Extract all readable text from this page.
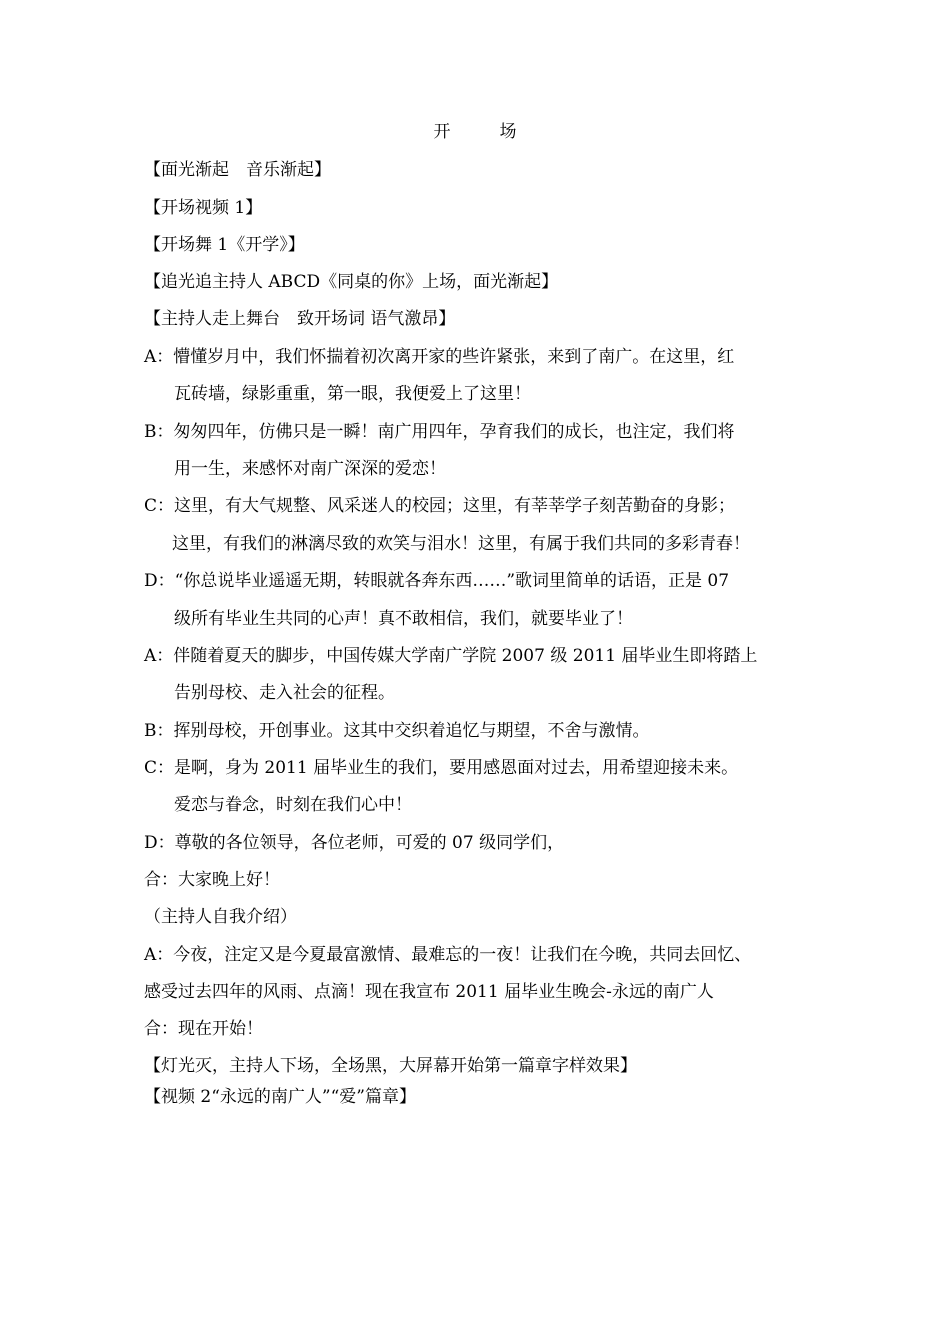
开　场
【面光渐起　音乐渐起】
【开场视频 1】
【开场舞 1《开学》】
【追光追主持人 ABCD《同桌的你》上场，面光渐起】
【主持人走上舞台　致开场词 语气激昂】
A：懵懂岁月中，我们怀揣着初次离开家的些许紧张，来到了南广。在这里，红
瓦砖墙，绿影重重，第一眼，我便爱上了这里！
B：匆匆四年，仿佛只是一瞬！南广用四年，孕育我们的成长，也注定，我们将
用一生，来感怀对南广深深的爱恋！
C：这里，有大气规整、风采迷人的校园；这里，有莘莘学子刻苦勤奋的身影；
这里，有我们的淋漓尽致的欢笑与泪水！这里，有属于我们共同的多彩青春！
D：“你总说毕业遥遥无期，转眼就各奔东西……”歌词里简单的话语，正是 07
级所有毕业生共同的心声！真不敢相信，我们，就要毕业了！
A：伴随着夏天的脚步，中国传媒大学南广学院 2007 级 2011 届毕业生即将踏上
告别母校、走入社会的征程。
B：挥别母校，开创事业。这其中交织着追忆与期望，不舍与激情。
C：是啊，身为 2011 届毕业生的我们，要用感恩面对过去，用希望迎接未来。
爱恋与眷念，时刻在我们心中！
D：尊敬的各位领导，各位老师，可爱的 07 级同学们，
合：大家晚上好！
（主持人自我介绍）
A：今夜，注定又是今夏最富激情、最难忘的一夜！让我们在今晚，共同去回忆、
感受过去四年的风雨、点滴！现在我宣布 2011 届毕业生晚会-永远的南广人
合：现在开始！
【灯光灭，主持人下场，全场黑，大屏幕开始第一篇章字样效果】
【视频 2“永远的南广人”“爱”篇章】
